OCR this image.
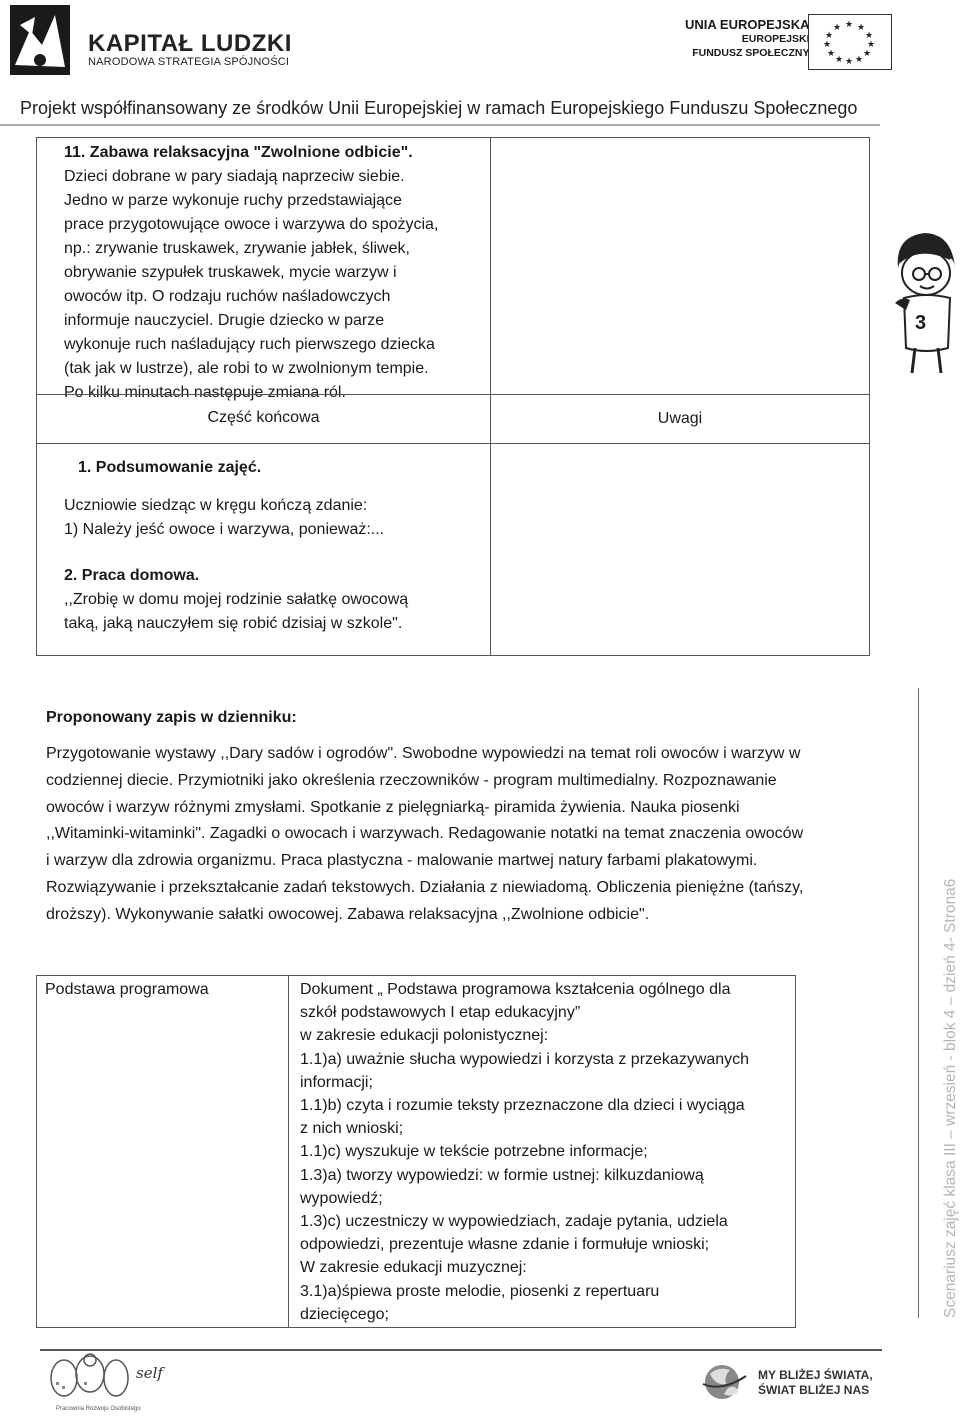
KAPITAŁ LUDZKI
NARODOWA STRATEGIA SPÓJNOŚCI
UNIA EUROPEJSKA
EUROPEJSKI
FUNDUSZ SPOŁECZNY
★ ★
★
★
★
★
★
★
★
★
★
★
Projekt współfinansowany ze środków Unii Europejskiej w ramach Europejskiego Funduszu Społecznego
11. Zabawa relaksacyjna "Zwolnione odbicie".
Dzieci dobrane w pary siadają naprzeciw siebie.
Jedno w parze wykonuje ruchy przedstawiające
prace przygotowujące owoce i warzywa do spożycia,
np.: zrywanie truskawek, zrywanie jabłek, śliwek,
obrywanie szypułek truskawek, mycie warzyw i
owoców itp. O rodzaju ruchów naśladowczych
informuje nauczyciel. Drugie dziecko w parze
wykonuje ruch naśladujący ruch pierwszego dziecka
(tak jak w lustrze), ale robi to w zwolnionym tempie.
Po kilku minutach następuje zmiana ról.
Część końcowa	Uwagi
1. Podsumowanie zajęć.
Uczniowie siedząc w kręgu kończą zdanie:
1) Należy jeść owoce i warzywa, ponieważ:...
2. Praca domowa.
,,Zrobię w domu mojej rodzinie sałatkę owocową
taką, jaką nauczyłem się robić dzisiaj w szkole".
3
Proponowany zapis w dzienniku:
Przygotowanie wystawy ,,Dary sadów i ogrodów". Swobodne wypowiedzi na temat roli owoców i warzyw w
codziennej diecie. Przymiotniki jako określenia rzeczowników - program multimedialny. Rozpoznawanie
owoców i warzyw różnymi zmysłami. Spotkanie z pielęgniarką- piramida żywienia. Nauka piosenki
,,Witaminki-witaminki". Zagadki o owocach i warzywach. Redagowanie notatki na temat znaczenia owoców
i warzyw dla zdrowia organizmu. Praca plastyczna - malowanie martwej natury farbami plakatowymi.
Rozwiązywanie i przekształcanie zadań tekstowych. Działania z niewiadomą. Obliczenia pieniężne (tańszy,
droższy). Wykonywanie sałatki owocowej. Zabawa relaksacyjna ,,Zwolnione odbicie".
Podstawa programowa	Dokument „ Podstawa programowa kształcenia ogólnego dla
szkół podstawowych I etap edukacyjny”
w zakresie edukacji polonistycznej:
1.1)a) uważnie słucha wypowiedzi i korzysta z przekazywanych
informacji;
1.1)b) czyta i rozumie teksty przeznaczone dla dzieci i wyciąga
z nich wnioski;
1.1)c) wyszukuje w tekście potrzebne informacje;
1.3)a) tworzy wypowiedzi: w formie ustnej: kilkuzdaniową
wypowiedź;
1.3)c) uczestniczy w wypowiedziach, zadaje pytania, udziela
odpowiedzi, prezentuje własne zdanie i formułuje wnioski;
W zakresie edukacji muzycznej:
3.1)a)śpiewa proste melodie, piosenki z repertuaru
dziecięcego;	Scenariusz zajęć klasa III – wrzesień - blok 4 – dzień 4- Strona6
self
Pracownia Rozwoju Osobistego
MY BLIŻEJ ŚWIATA,
ŚWIAT BLIŻEJ NAS
